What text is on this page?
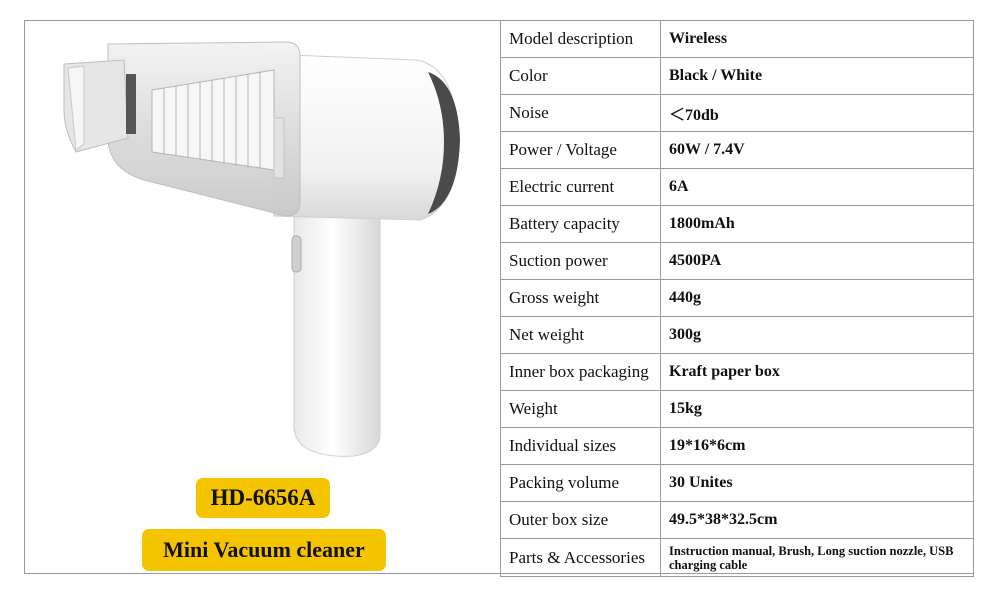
HD-6656A
Mini Vacuum cleaner
Model description	Wireless
Color	Black / White
Noise	＜70db
Power / Voltage	60W / 7.4V
Electric current	6A
Battery capacity	1800mAh
Suction power	4500PA
Gross weight	440g
Net weight	300g
Inner box packaging	Kraft paper box
Weight	15kg
Individual sizes	19*16*6cm
Packing volume	30 Unites
Outer box size	49.5*38*32.5cm
Parts & Accessories	Instruction manual, Brush, Long suction nozzle, USB charging cable
